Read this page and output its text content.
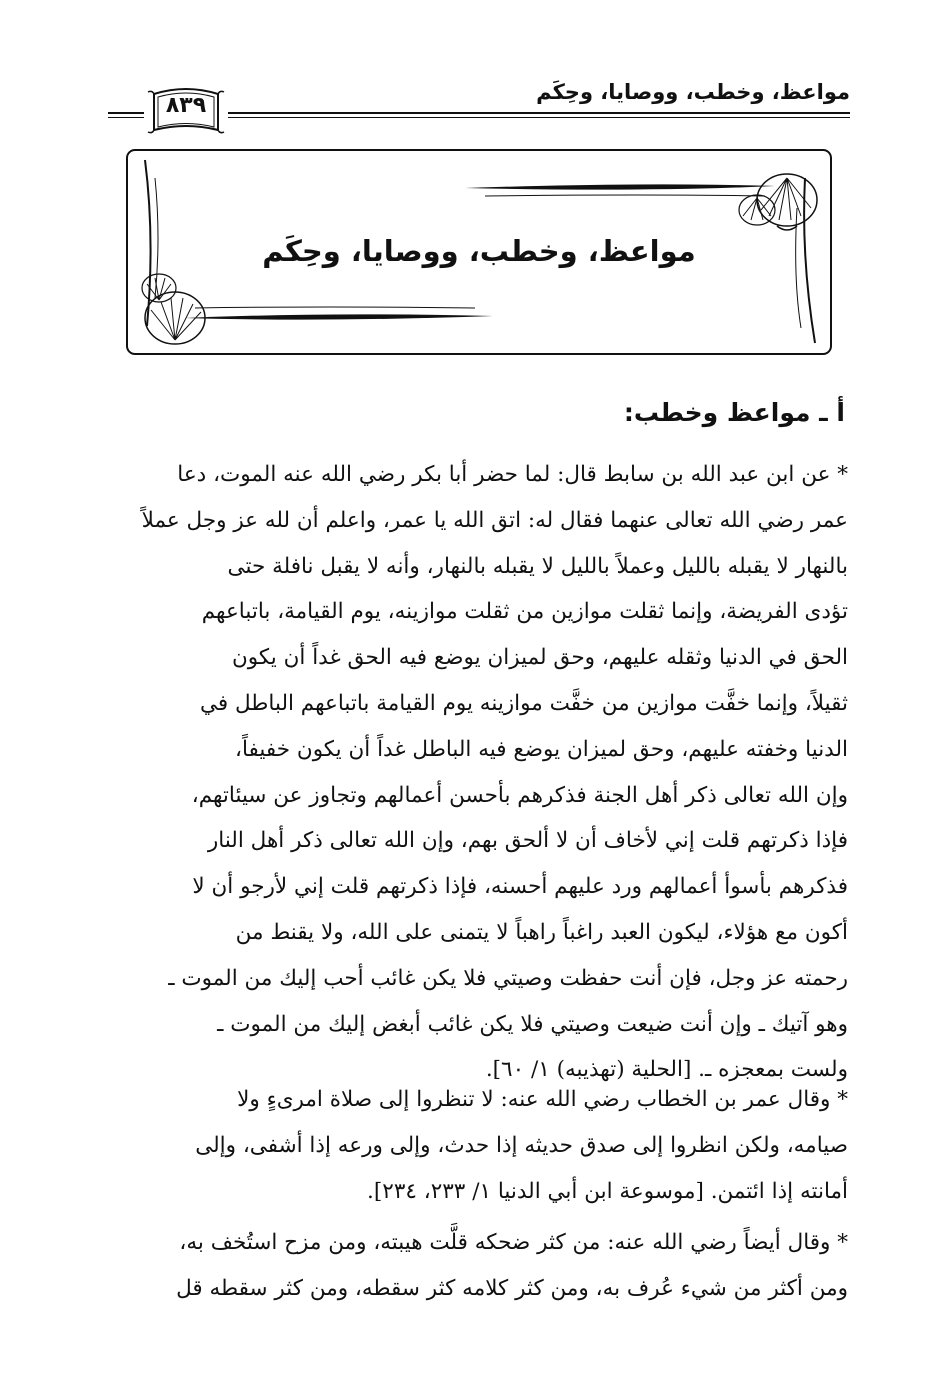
مواعظ، وخطب، ووصايا، وحِكَم
٨٣٩
مواعظ، وخطب، ووصايا، وحِكَم
أ ـ مواعظ وخطب:
* عن ابن عبد الله بن سابط قال: لما حضر أبا بكر رضي الله عنه الموت، دعا
عمر رضي الله تعالى عنهما فقال له: اتق الله يا عمر، واعلم أن لله عز وجل عملاً
بالنهار لا يقبله بالليل وعملاً بالليل لا يقبله بالنهار، وأنه لا يقبل نافلة حتى
تؤدى الفريضة، وإنما ثقلت موازين من ثقلت موازينه، يوم القيامة، باتباعهم
الحق في الدنيا وثقله عليهم، وحق لميزان يوضع فيه الحق غداً أن يكون
ثقيلاً، وإنما خفَّت موازين من خفَّت موازينه يوم القيامة باتباعهم الباطل في
الدنيا وخفته عليهم، وحق لميزان يوضع فيه الباطل غداً أن يكون خفيفاً،
وإن الله تعالى ذكر أهل الجنة فذكرهم بأحسن أعمالهم وتجاوز عن سيئاتهم،
فإذا ذكرتهم قلت إني لأخاف أن لا ألحق بهم، وإن الله تعالى ذكر أهل النار
فذكرهم بأسوأ أعمالهم ورد عليهم أحسنه، فإذا ذكرتهم قلت إني لأرجو أن لا
أكون مع هؤلاء، ليكون العبد راغباً راهباً لا يتمنى على الله، ولا يقنط من
رحمته عز وجل، فإن أنت حفظت وصيتي فلا يكن غائب أحب إليك من الموت ـ
وهو آتيك ـ وإن أنت ضيعت وصيتي فلا يكن غائب أبغض إليك من الموت ـ
ولست بمعجزه ـ. [الحلية (تهذيبه) ١/ ٦٠].
* وقال عمر بن الخطاب رضي الله عنه: لا تنظروا إلى صلاة امرىءٍ ولا
صيامه، ولكن انظروا إلى صدق حديثه إذا حدث، وإلى ورعه إذا أشفى، وإلى
أمانته إذا ائتمن. [موسوعة ابن أبي الدنيا ١/ ٢٣٣، ٢٣٤].
* وقال أيضاً رضي الله عنه: من كثر ضحكه قلَّت هيبته، ومن مزح استُخف به،
ومن أكثر من شيء عُرف به، ومن كثر كلامه كثر سقطه، ومن كثر سقطه قل
